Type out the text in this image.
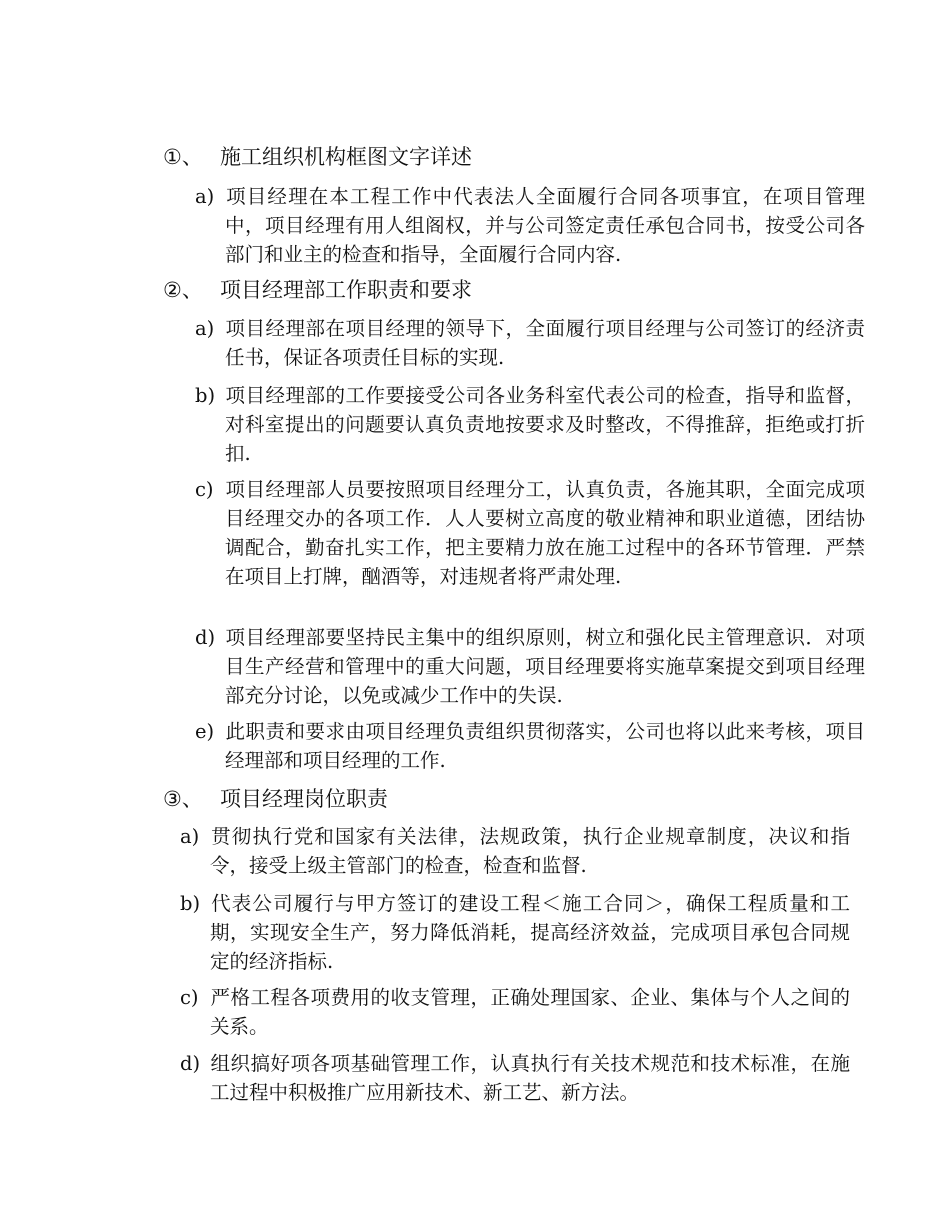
①、 施工组织机构框图文字详述
a) 项目经理在本工程工作中代表法人全面履行合同各项事宜，在项目管理中，项目经理有用人组阁权，并与公司签定责任承包合同书，按受公司各部门和业主的检查和指导，全面履行合同内容.
②、 项目经理部工作职责和要求
a) 项目经理部在项目经理的领导下，全面履行项目经理与公司签订的经济责任书，保证各项责任目标的实现.
b) 项目经理部的工作要接受公司各业务科室代表公司的检查，指导和监督，对科室提出的问题要认真负责地按要求及时整改，不得推辞，拒绝或打折扣.
c) 项目经理部人员要按照项目经理分工，认真负责，各施其职，全面完成项目经理交办的各项工作．人人要树立高度的敬业精神和职业道德，团结协调配合，勤奋扎实工作，把主要精力放在施工过程中的各环节管理．严禁在项目上打牌，酗酒等，对违规者将严肃处理.
d) 项目经理部要坚持民主集中的组织原则，树立和强化民主管理意识．对项目生产经营和管理中的重大问题，项目经理要将实施草案提交到项目经理部充分讨论，以免或减少工作中的失误.
e) 此职责和要求由项目经理负责组织贯彻落实，公司也将以此来考核，项目经理部和项目经理的工作.
③、 项目经理岗位职责
a) 贯彻执行党和国家有关法律，法规政策，执行企业规章制度，决议和指令，接受上级主管部门的检查，检查和监督.
b) 代表公司履行与甲方签订的建设工程＜施工合同＞，确保工程质量和工期，实现安全生产，努力降低消耗，提高经济效益，完成项目承包合同规定的经济指标.
c) 严格工程各项费用的收支管理，正确处理国家、企业、集体与个人之间的关系。
d) 组织搞好项各项基础管理工作，认真执行有关技术规范和技术标准，在施工过程中积极推广应用新技术、新工艺、新方法。
